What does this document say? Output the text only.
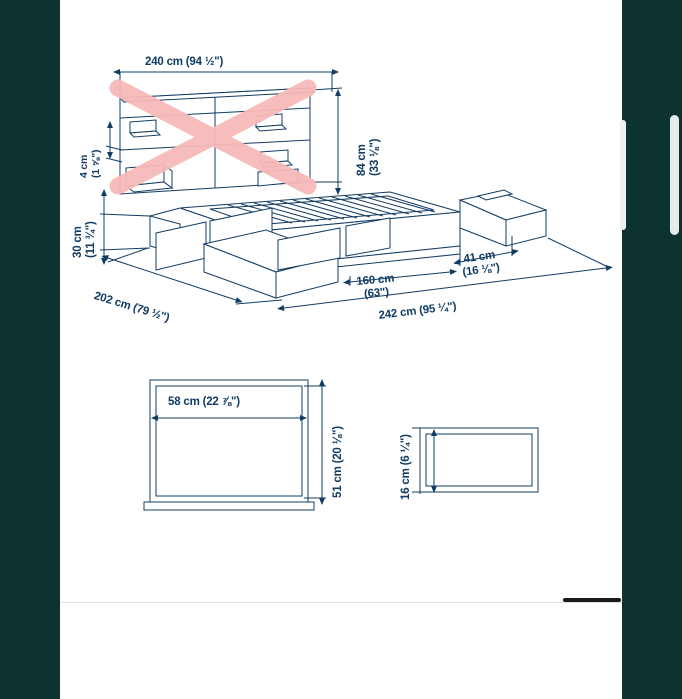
240 cm (94 ½")
84 cm
(33 ⅛")
4 cm
(1 ⅝")
30 cm
(11 ¾")
202 cm (79 ½")
160 cm
(63")
41 cm
(16 ⅛")
242 cm (95 ¼")
58 cm (22 ⅞")
51 cm (20 ⅛")	16 cm (6 ¼")
